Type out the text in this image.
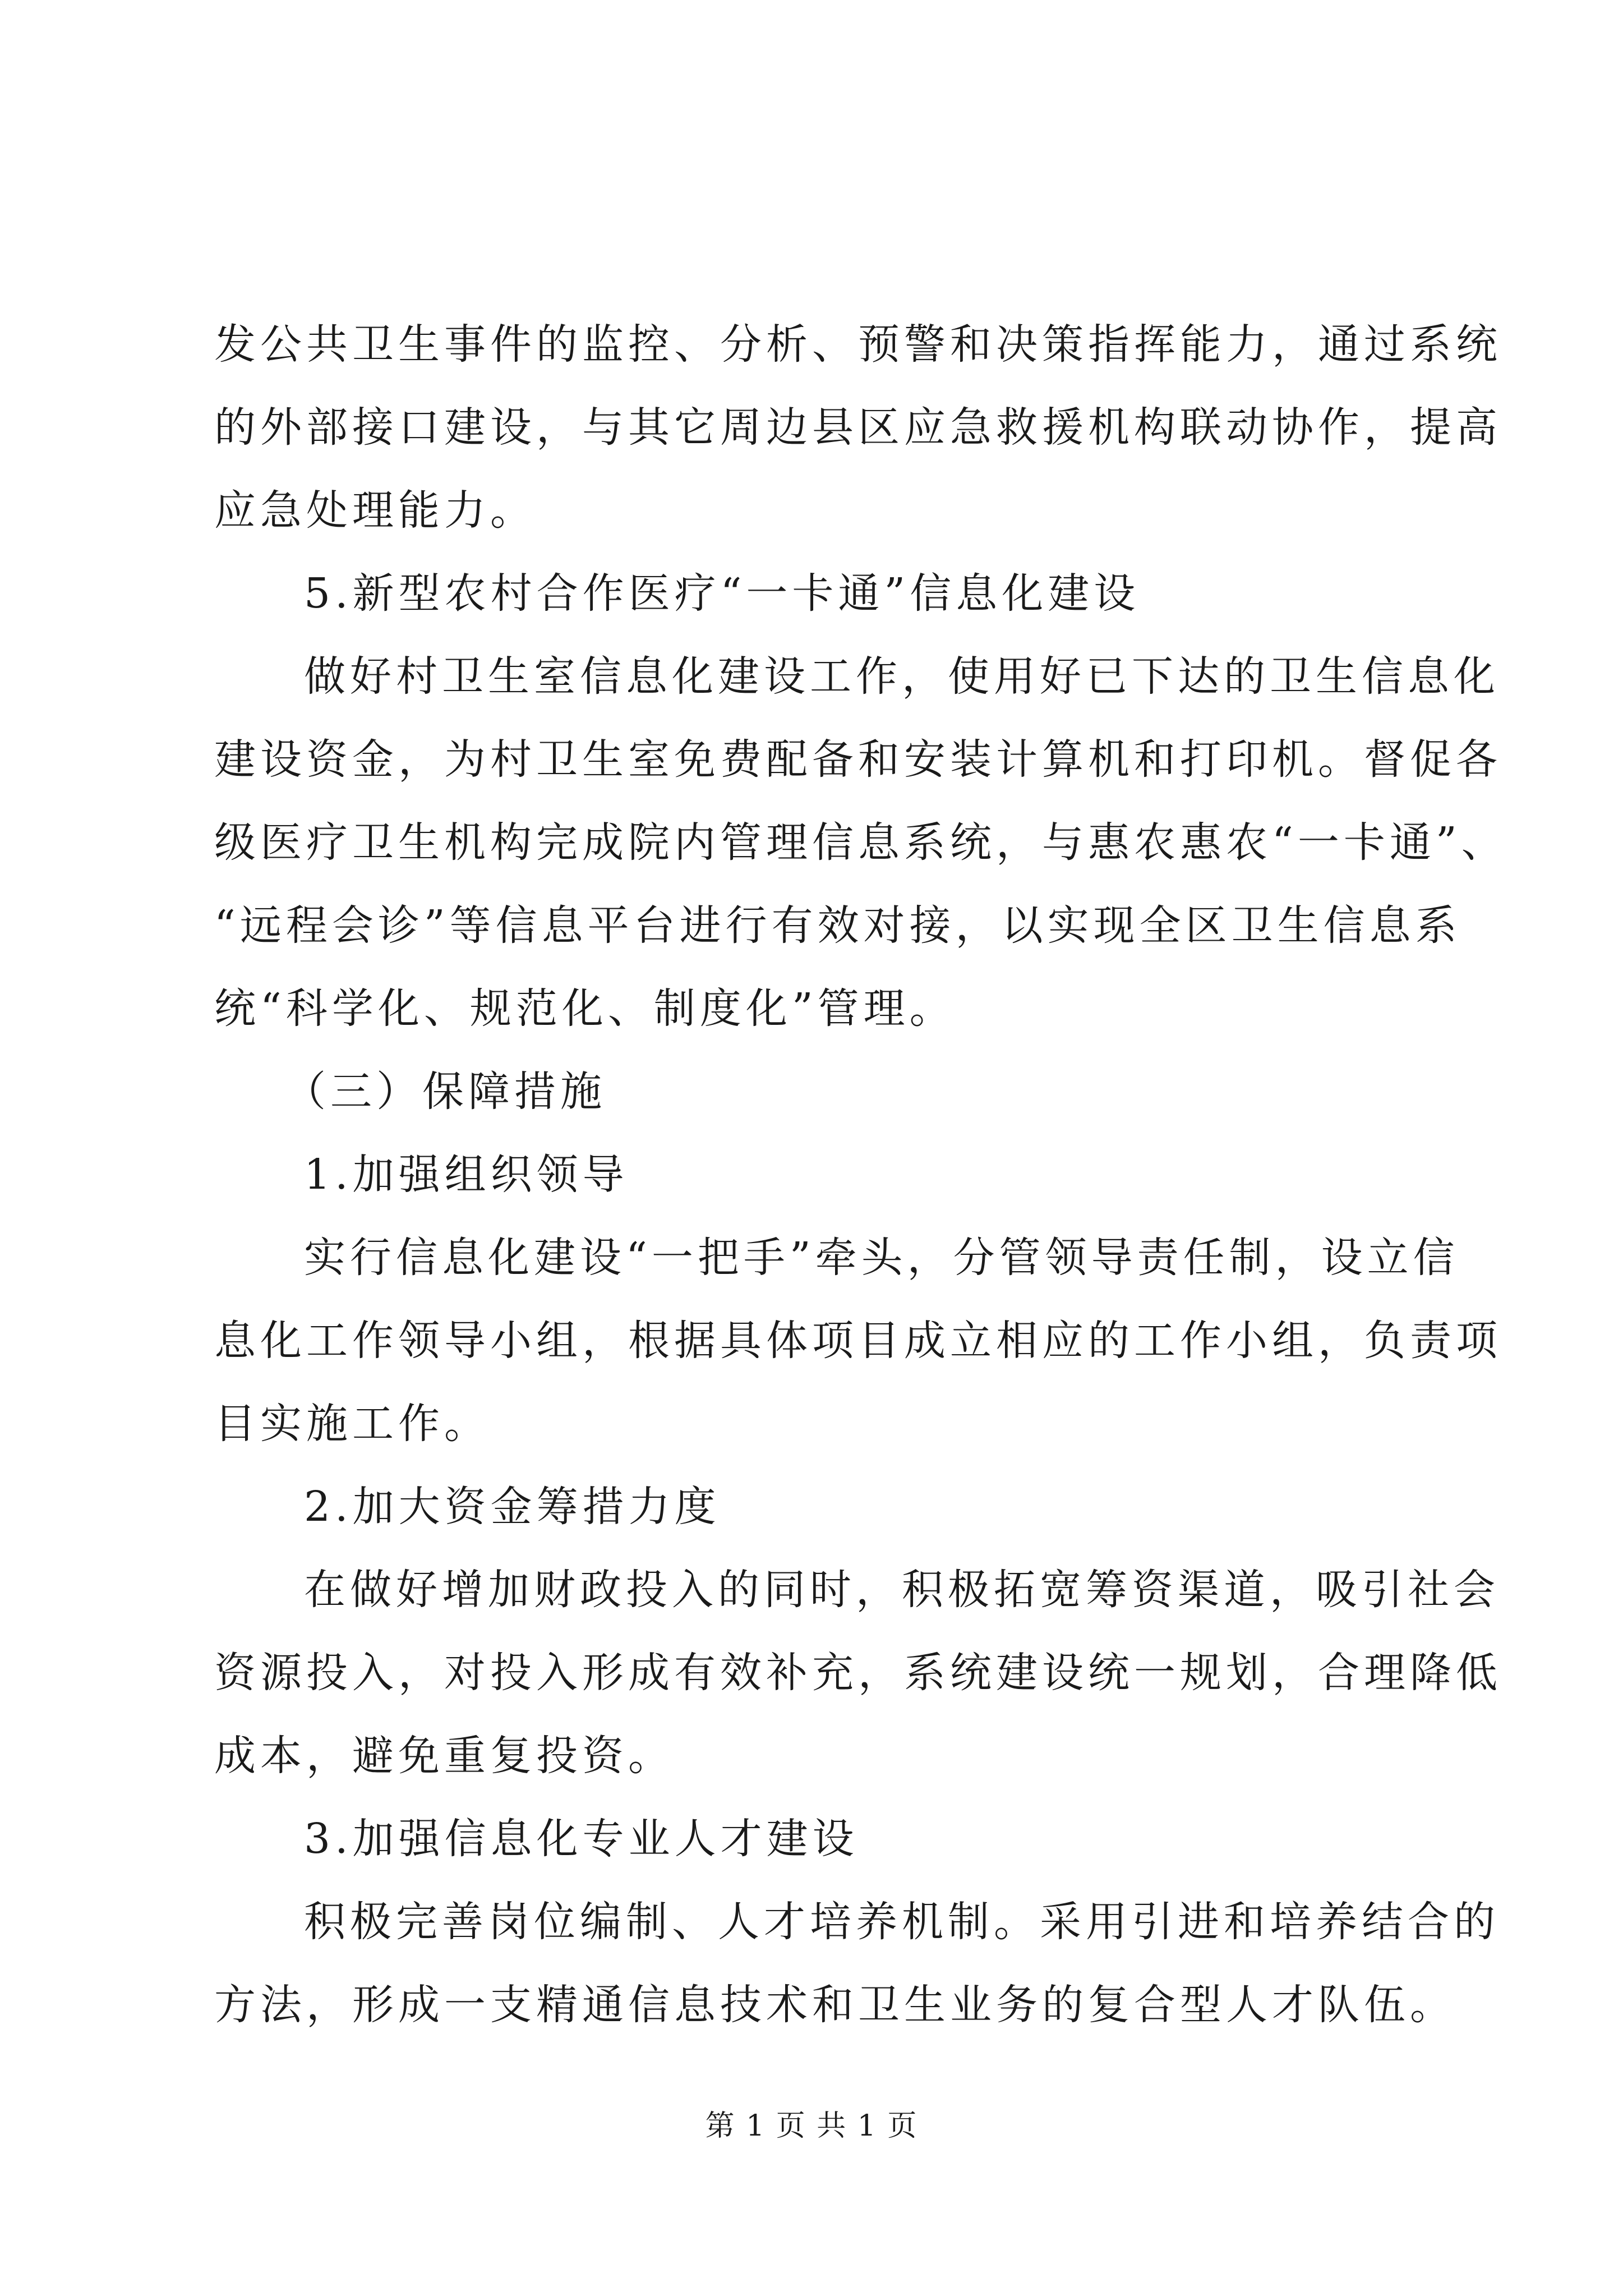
发公共卫生事件的监控、分析、预警和决策指挥能力，通过系统
的外部接口建设，与其它周边县区应急救援机构联动协作，提高
应急处理能力。
5.新型农村合作医疗“一卡通”信息化建设
做好村卫生室信息化建设工作，使用好已下达的卫生信息化
建设资金，为村卫生室免费配备和安装计算机和打印机。督促各
级医疗卫生机构完成院内管理信息系统，与惠农惠农“一卡通”、
“远程会诊”等信息平台进行有效对接，以实现全区卫生信息系
统“科学化、规范化、制度化”管理。
（三）保障措施
1.加强组织领导
实行信息化建设“一把手”牵头，分管领导责任制，设立信
息化工作领导小组，根据具体项目成立相应的工作小组，负责项
目实施工作。
2.加大资金筹措力度
在做好增加财政投入的同时，积极拓宽筹资渠道，吸引社会
资源投入，对投入形成有效补充，系统建设统一规划，合理降低
成本，避免重复投资。
3.加强信息化专业人才建设
积极完善岗位编制、人才培养机制。采用引进和培养结合的
方法，形成一支精通信息技术和卫生业务的复合型人才队伍。
第 1 页 共 1 页
